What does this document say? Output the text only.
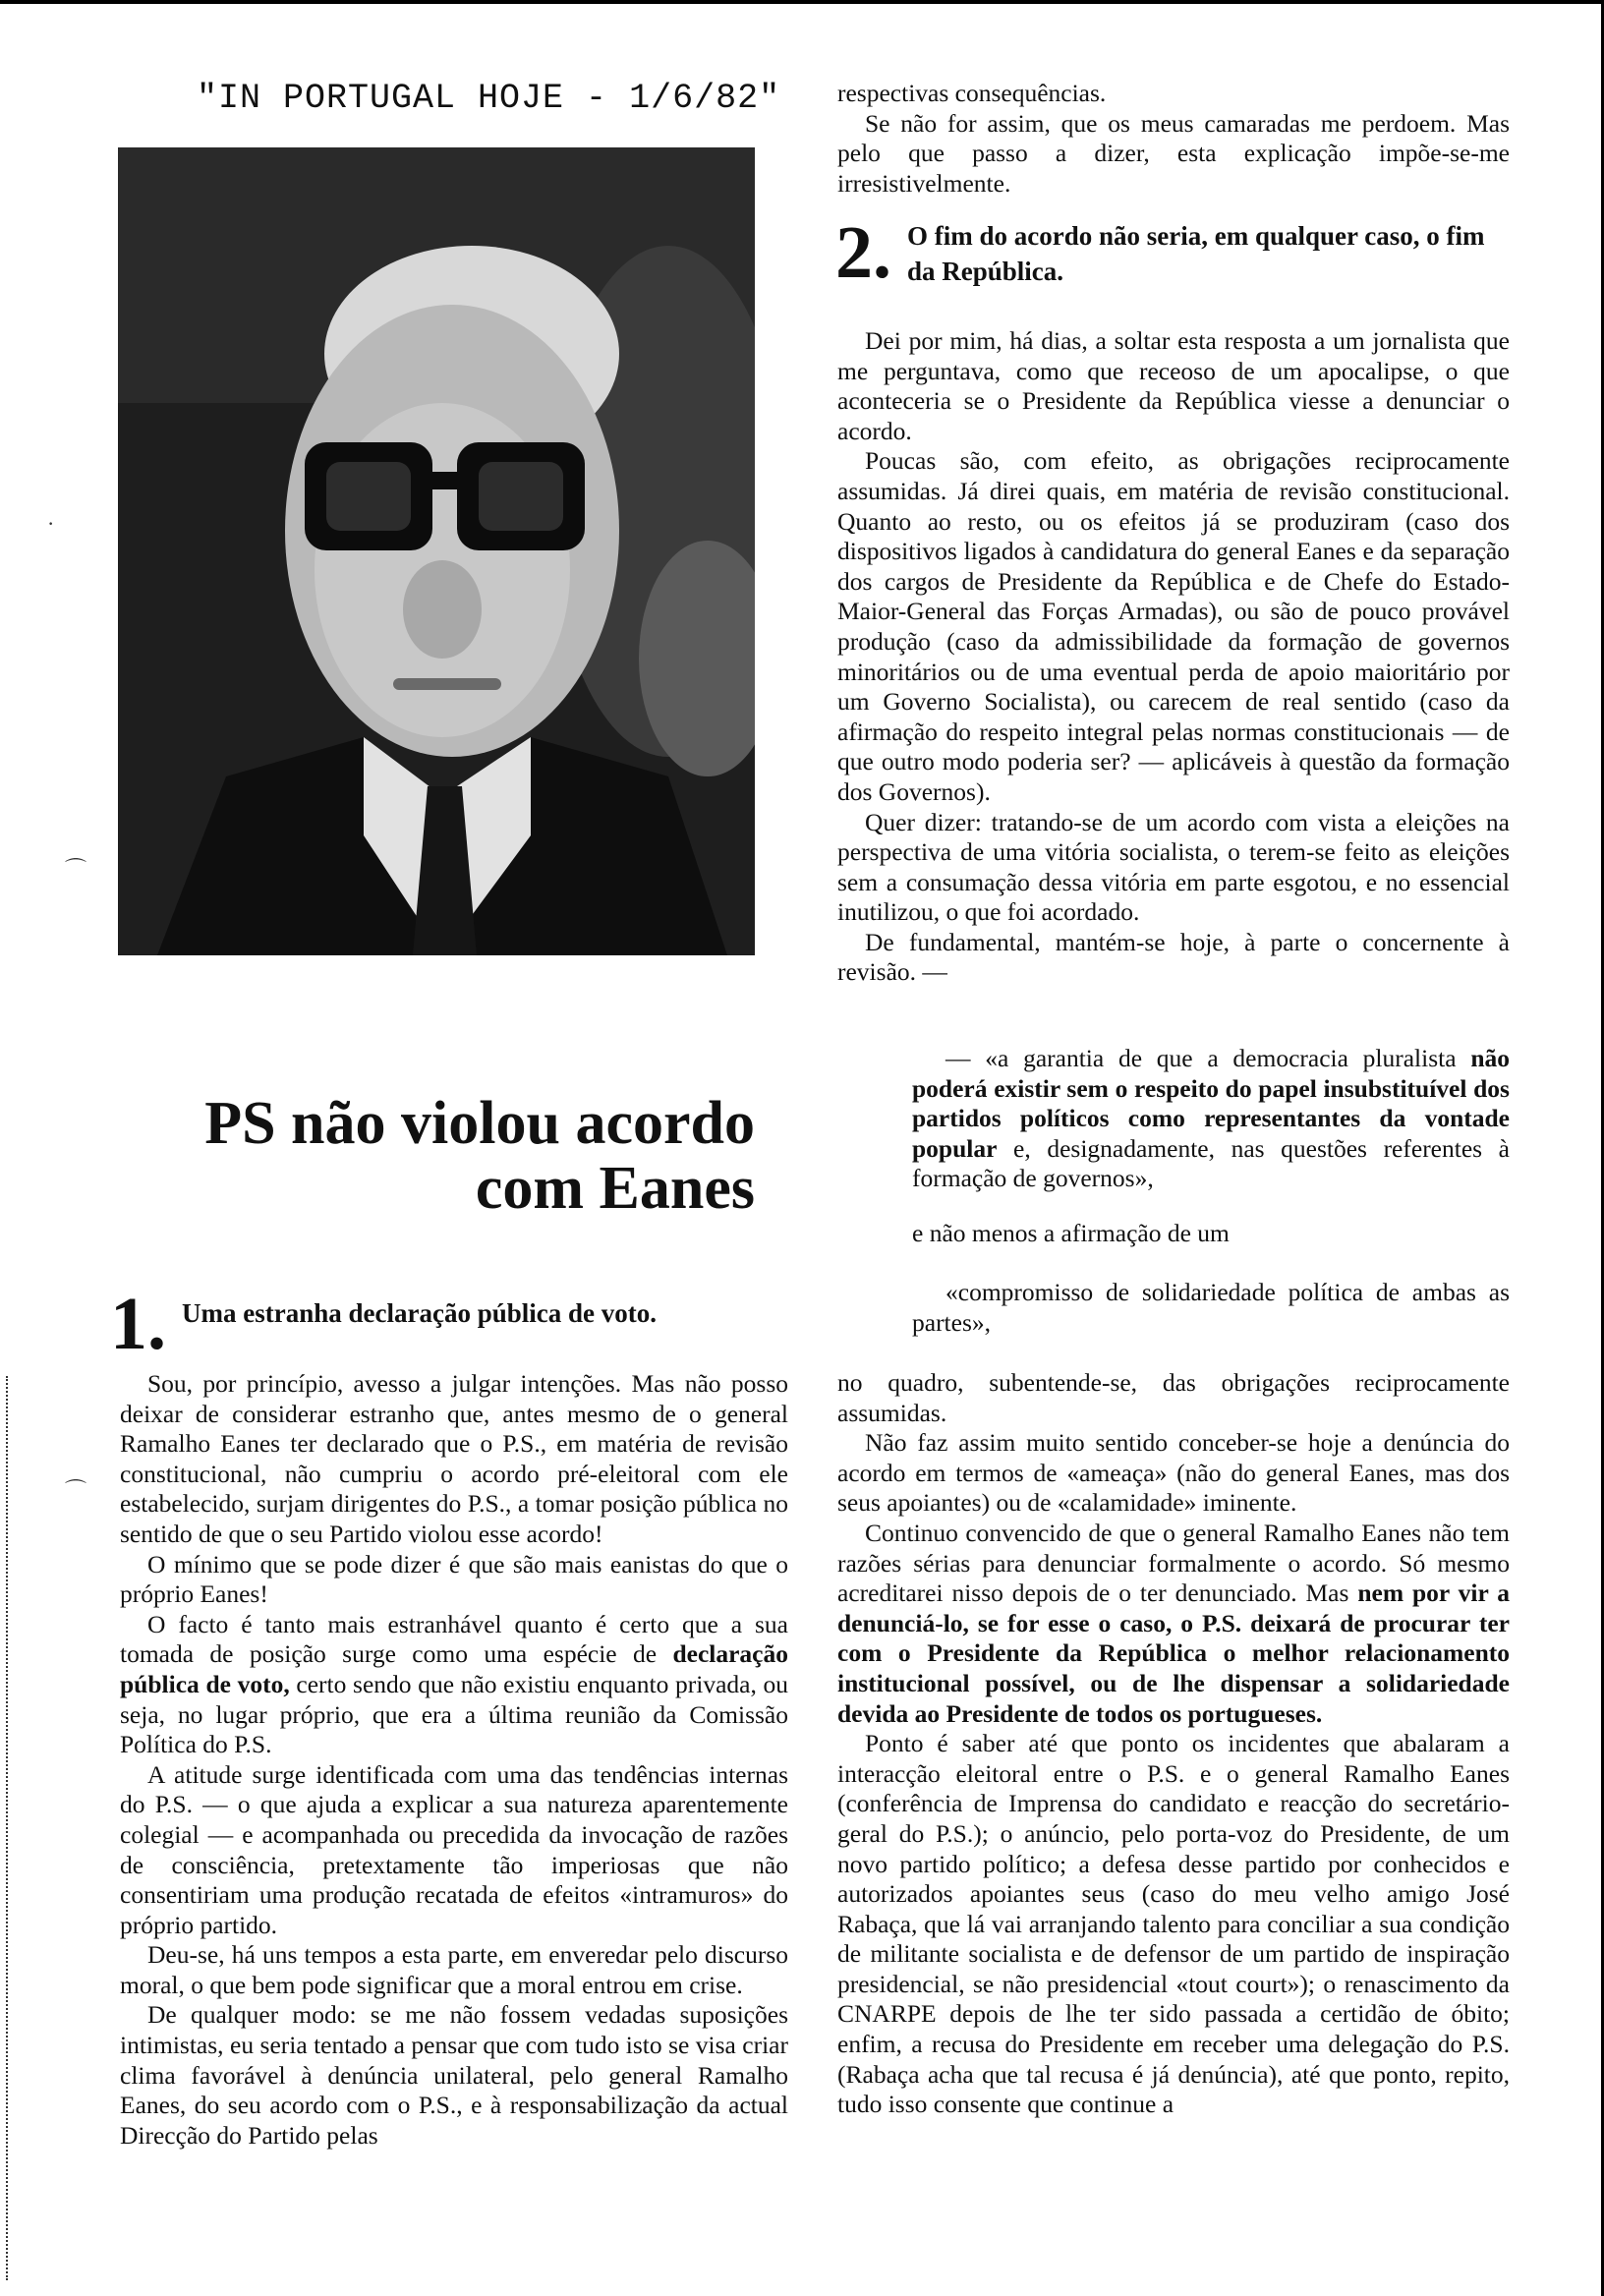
·
⌒
⌒
"IN PORTUGAL HOJE - 1/6/82"
PS não violou acordo
com Eanes
1. Uma estranha declaração pública de voto.

Sou, por princípio, avesso a julgar intenções. Mas não posso deixar de considerar estranho que, antes mesmo de o general Ramalho Eanes ter declarado que o P.S., em matéria de revisão constitucional, não cumpriu o acordo pré-eleitoral com ele estabelecido, surjam dirigentes do P.S., a tomar posição pública no sentido de que o seu Partido violou esse acordo!

O mínimo que se pode dizer é que são mais eanistas do que o próprio Eanes!

O facto é tanto mais estranhável quanto é certo que a sua tomada de posição surge como uma espécie de declaração pública de voto, certo sendo que não existiu enquanto privada, ou seja, no lugar próprio, que era a última reunião da Comissão Política do P.S.

A atitude surge identificada com uma das tendências internas do P.S. — o que ajuda a explicar a sua natureza aparentemente colegial — e acompanhada ou precedida da invocação de razões de consciência, pretextamente tão imperiosas que não consentiriam uma produção recatada de efeitos «intramuros» do próprio partido.

Deu-se, há uns tempos a esta parte, em enveredar pelo discurso moral, o que bem pode significar que a moral entrou em crise.

De qualquer modo: se me não fossem vedadas suposições intimistas, eu seria tentado a pensar que com tudo isto se visa criar clima favorável à denúncia unilateral, pelo general Ramalho Eanes, do seu acordo com o P.S., e à responsabilização da actual Direcção do Partido pelas

respectivas consequências.

Se não for assim, que os meus camaradas me perdoem. Mas pelo que passo a dizer, esta explicação impõe-se-me irresistivelmente.

2. O fim do acordo não seria, em qualquer caso, o fim da República.

Dei por mim, há dias, a soltar esta resposta a um jornalista que me perguntava, como que receoso de um apocalipse, o que aconteceria se o Presidente da República viesse a denunciar o acordo.

Poucas são, com efeito, as obrigações reciprocamente assumidas. Já direi quais, em matéria de revisão constitucional. Quanto ao resto, ou os efeitos já se produziram (caso dos dispositivos ligados à candidatura do general Eanes e da separação dos cargos de Presidente da República e de Chefe do Estado-Maior-General das Forças Armadas), ou são de pouco provável produção (caso da admissibilidade da formação de governos minoritários ou de uma eventual perda de apoio maioritário por um Governo Socialista), ou carecem de real sentido (caso da afirmação do respeito integral pelas normas constitucionais — de que outro modo poderia ser? — aplicáveis à questão da formação dos Governos).

Quer dizer: tratando-se de um acordo com vista a eleições na perspectiva de uma vitória socialista, o terem-se feito as eleições sem a consumação dessa vitória em parte esgotou, e no essencial inutilizou, o que foi acordado.

De fundamental, mantém-se hoje, à parte o concernente à revisão. —

— «a garantia de que a democracia pluralista não poderá existir sem o respeito do papel insubstituível dos partidos políticos como representantes da vontade popular e, designadamente, nas questões referentes à formação de governos»,
e não menos a afirmação de um
«compromisso de solidariedade política de ambas as partes»,

no quadro, subentende-se, das obrigações reciprocamente assumidas.

Não faz assim muito sentido conceber-se hoje a denúncia do acordo em termos de «ameaça» (não do general Eanes, mas dos seus apoiantes) ou de «calamidade» iminente.

Continuo convencido de que o general Ramalho Eanes não tem razões sérias para denunciar formalmente o acordo. Só mesmo acreditarei nisso depois de o ter denunciado. Mas nem por vir a denunciá-lo, se for esse o caso, o P.S. deixará de procurar ter com o Presidente da República o melhor relacionamento institucional possível, ou de lhe dispensar a solidariedade devida ao Presidente de todos os portugueses.

Ponto é saber até que ponto os incidentes que abalaram a interacção eleitoral entre o P.S. e o general Ramalho Eanes (conferência de Imprensa do candidato e reacção do secretário-geral do P.S.); o anúncio, pelo porta-voz do Presidente, de um novo partido político; a defesa desse partido por conhecidos e autorizados apoiantes seus (caso do meu velho amigo José Rabaça, que lá vai arranjando talento para conciliar a sua condição de militante socialista e de defensor de um partido de inspiração presidencial, se não presidencial «tout court»); o renascimento da CNARPE depois de lhe ter sido passada a certidão de óbito; enfim, a recusa do Presidente em receber uma delegação do P.S. (Rabaça acha que tal recusa é já denúncia), até que ponto, repito, tudo isso consente que continue a
